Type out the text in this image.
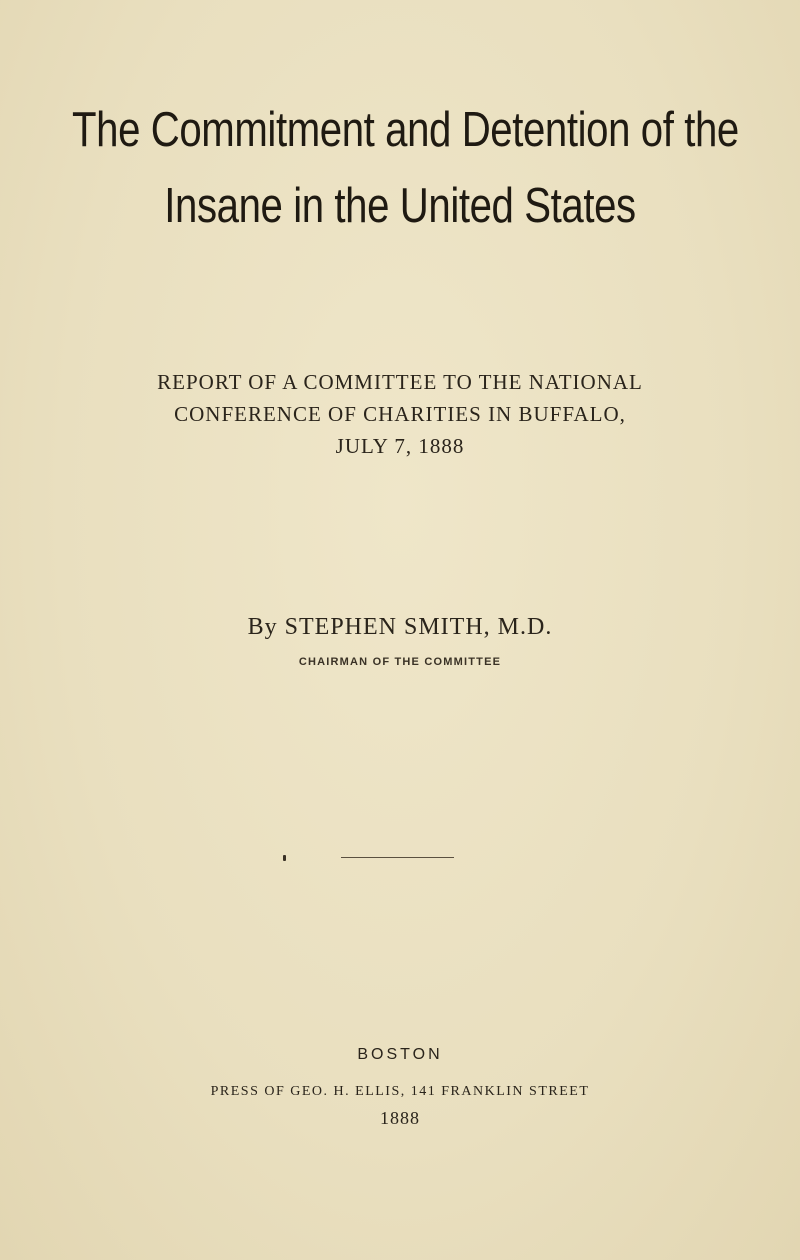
The Commitment and Detention of the
Insane in the United States
REPORT OF A COMMITTEE TO THE NATIONAL
CONFERENCE OF CHARITIES IN BUFFALO,
JULY 7, 1888
By STEPHEN SMITH, M.D.
CHAIRMAN OF THE COMMITTEE
BOSTON
PRESS OF GEO. H. ELLIS, 141 FRANKLIN STREET
1888
